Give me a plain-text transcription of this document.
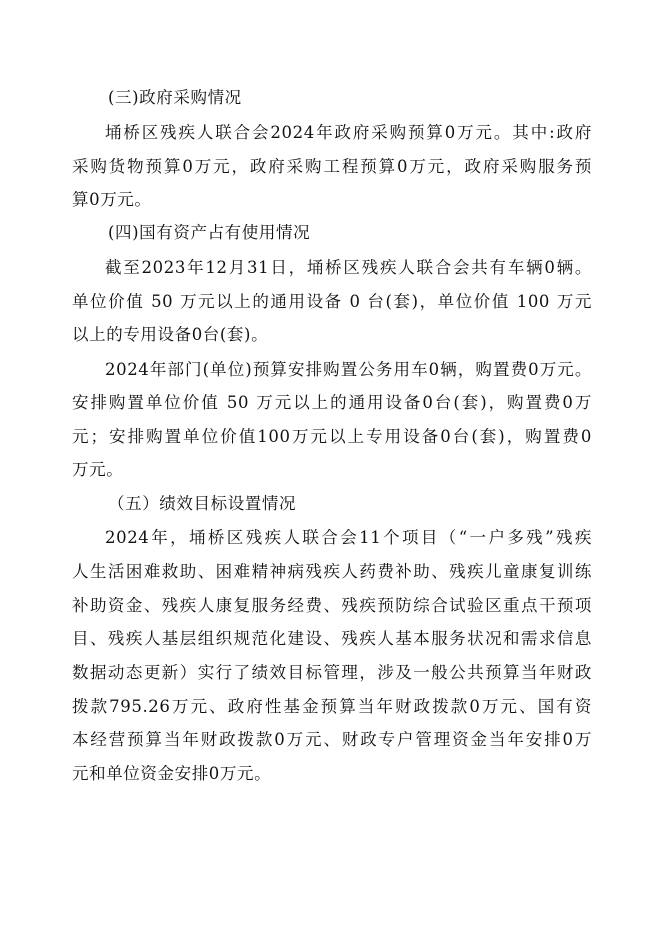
(三)政府采购情况
埇桥区残疾人联合会2024年政府采购预算0万元。其中:政府
采购货物预算0万元，政府采购工程预算0万元，政府采购服务预
算0万元。
(四)国有资产占有使用情况
截至2023年12月31日，埇桥区残疾人联合会共有车辆0辆。
单位价值 50 万元以上的通用设备 0 台(套)，单位价值 100 万元
以上的专用设备0台(套)。
2024年部门(单位)预算安排购置公务用车0辆，购置费0万元。
安排购置单位价值 50 万元以上的通用设备0台(套)，购置费0万
元；安排购置单位价值100万元以上专用设备0台(套)，购置费0
万元。
（五）绩效目标设置情况
2024年，埇桥区残疾人联合会11个项目（“一户多残”残疾
人生活困难救助、困难精神病残疾人药费补助、残疾儿童康复训练
补助资金、残疾人康复服务经费、残疾预防综合试验区重点干预项
目、残疾人基层组织规范化建设、残疾人基本服务状况和需求信息
数据动态更新）实行了绩效目标管理，涉及一般公共预算当年财政
拨款795.26万元、政府性基金预算当年财政拨款0万元、国有资
本经营预算当年财政拨款0万元、财政专户管理资金当年安排0万
元和单位资金安排0万元。
